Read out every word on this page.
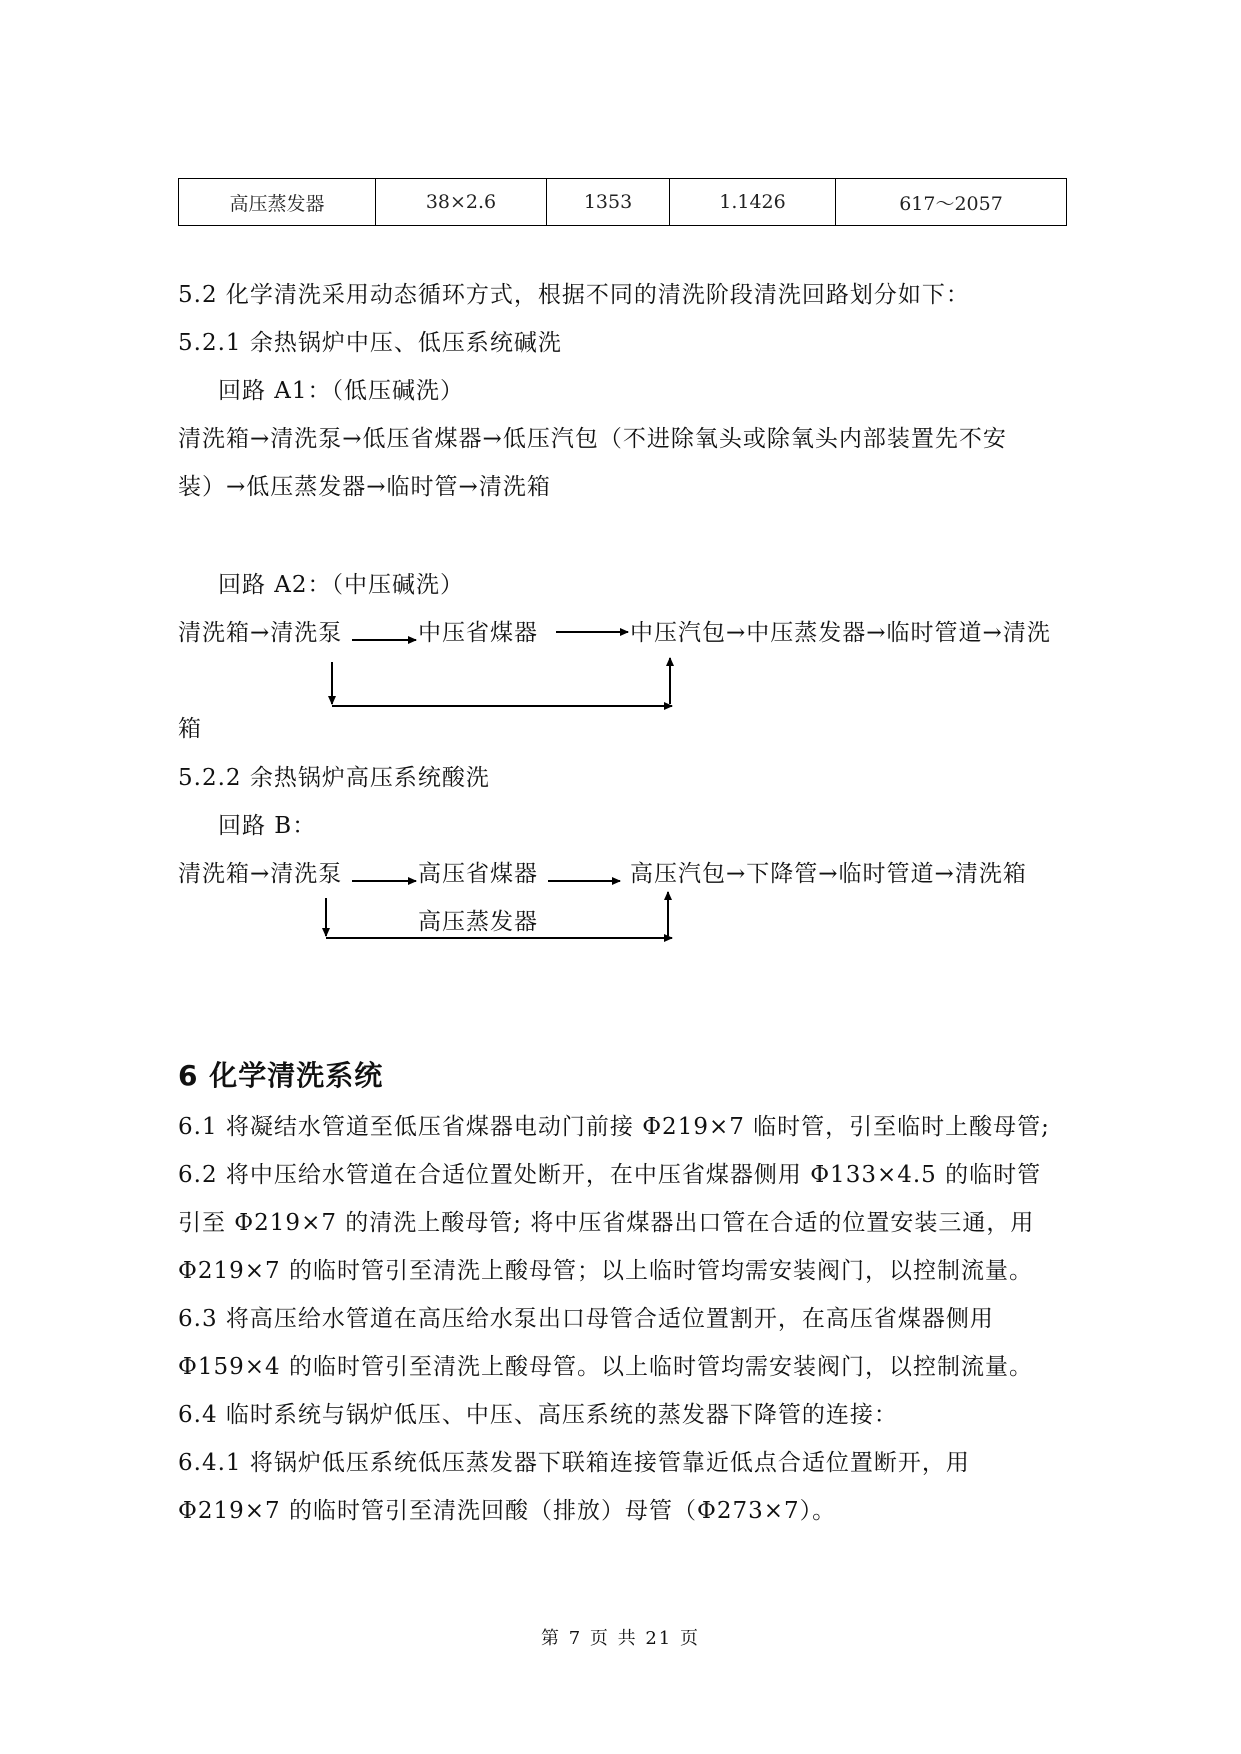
高压蒸发器	38×2.6	1353	1.1426	617～2057
5.2 化学清洗采用动态循环方式，根据不同的清洗阶段清洗回路划分如下：
5.2.1 余热锅炉中压、低压系统碱洗
回路 A1：（低压碱洗）
清洗箱→清洗泵→低压省煤器→低压汽包（不进除氧头或除氧头内部装置先不安
装）→低压蒸发器→临时管→清洗箱
回路 A2：（中压碱洗）
清洗箱→清洗泵	中压省煤器	中压汽包→中压蒸发器→临时管道→清洗
箱
5.2.2 余热锅炉高压系统酸洗
回路 B：
清洗箱→清洗泵	高压省煤器	高压汽包→下降管→临时管道→清洗箱
高压蒸发器
6 化学清洗系统
6.1 将凝结水管道至低压省煤器电动门前接 Φ219×7 临时管，引至临时上酸母管;
6.2 将中压给水管道在合适位置处断开，在中压省煤器侧用 Φ133×4.5 的临时管
引至 Φ219×7 的清洗上酸母管; 将中压省煤器出口管在合适的位置安装三通，用
Φ219×7 的临时管引至清洗上酸母管；以上临时管均需安装阀门，以控制流量。
6.3 将高压给水管道在高压给水泵出口母管合适位置割开，在高压省煤器侧用
Φ159×4 的临时管引至清洗上酸母管。以上临时管均需安装阀门，以控制流量。
6.4 临时系统与锅炉低压、中压、高压系统的蒸发器下降管的连接：
6.4.1 将锅炉低压系统低压蒸发器下联箱连接管靠近低点合适位置断开，用
Φ219×7 的临时管引至清洗回酸（排放）母管（Φ273×7）。
第 7 页 共 21 页
